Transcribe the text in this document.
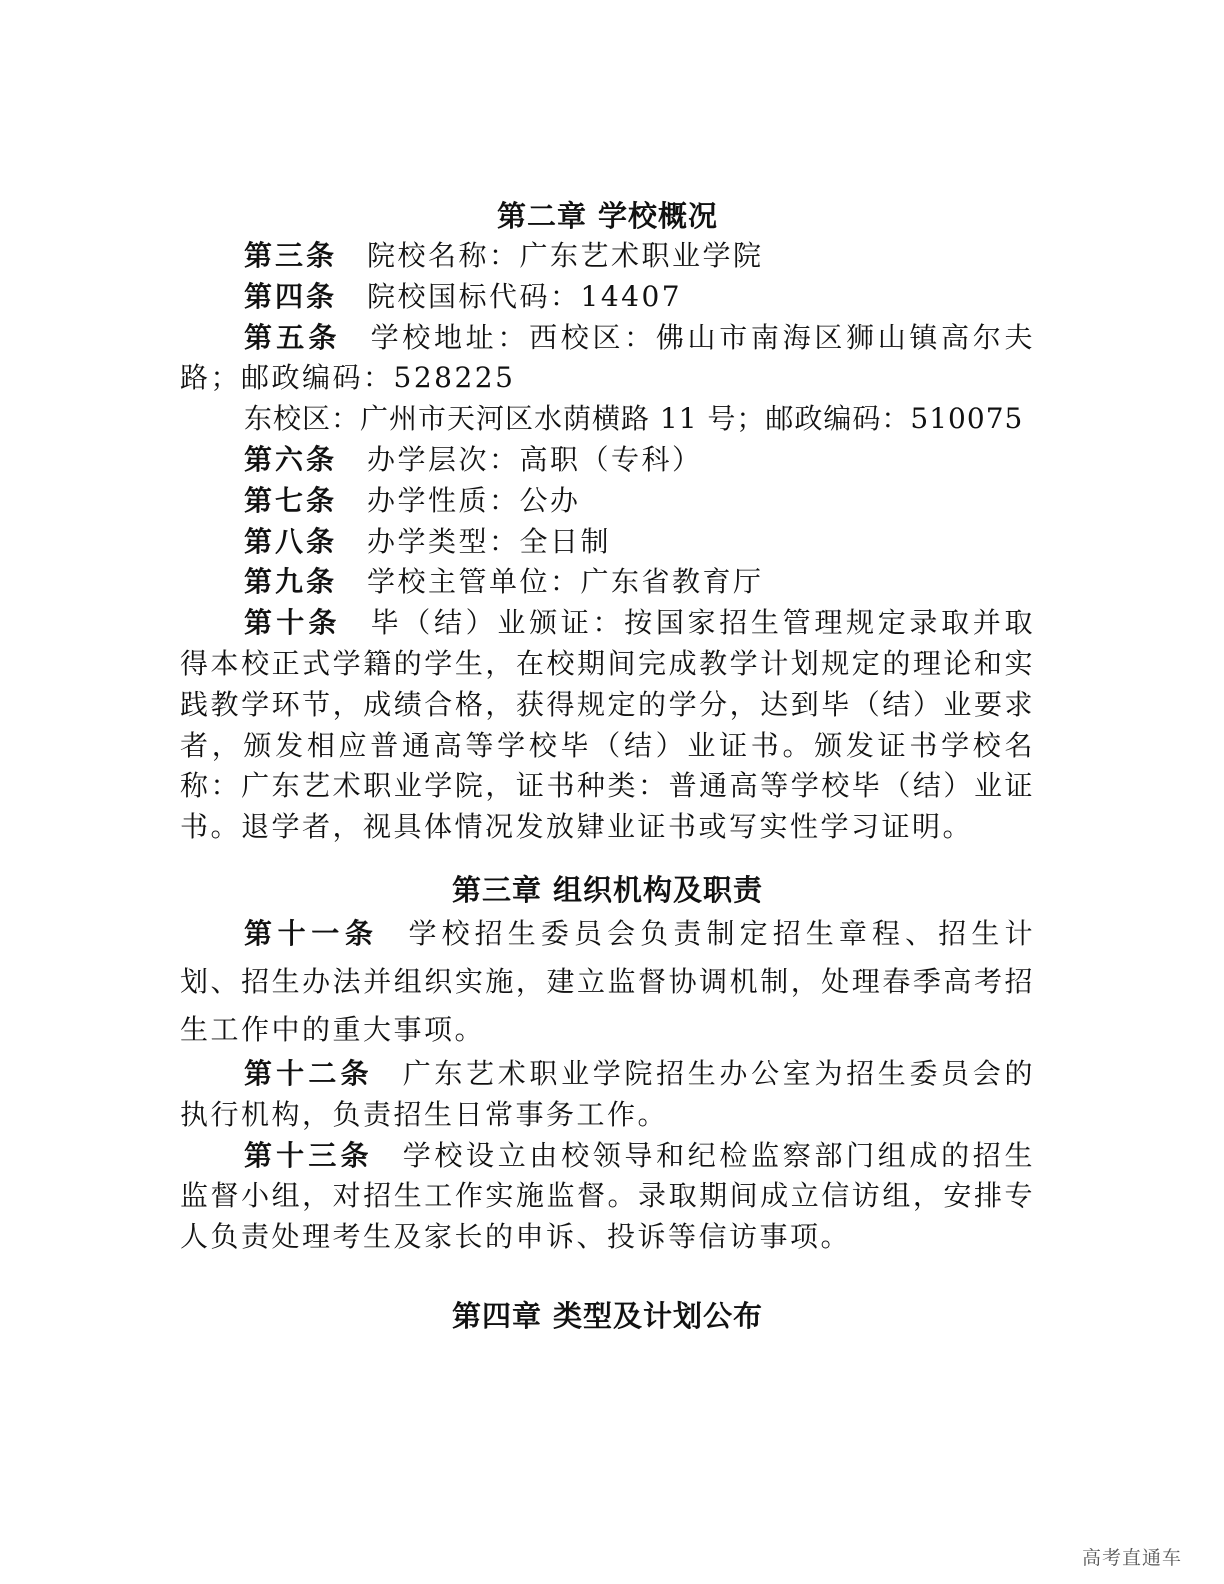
第二章 学校概况

第三条 院校名称：广东艺术职业学院

第四条 院校国标代码：14407

第五条 学校地址：西校区：佛山市南海区狮山镇高尔夫路；邮政编码：528225

东校区：广州市天河区水荫横路 11 号；邮政编码：510075

第六条 办学层次：高职（专科）

第七条 办学性质：公办

第八条 办学类型：全日制

第九条 学校主管单位：广东省教育厅

第十条 毕（结）业颁证：按国家招生管理规定录取并取得本校正式学籍的学生，在校期间完成教学计划规定的理论和实践教学环节，成绩合格，获得规定的学分，达到毕（结）业要求者，颁发相应普通高等学校毕（结）业证书。颁发证书学校名称：广东艺术职业学院，证书种类：普通高等学校毕（结）业证书。退学者，视具体情况发放肄业证书或写实性学习证明。

第三章 组织机构及职责

第十一条 学校招生委员会负责制定招生章程、招生计划、招生办法并组织实施，建立监督协调机制，处理春季高考招生工作中的重大事项。

第十二条 广东艺术职业学院招生办公室为招生委员会的执行机构，负责招生日常事务工作。

第十三条 学校设立由校领导和纪检监察部门组成的招生监督小组，对招生工作实施监督。录取期间成立信访组，安排专人负责处理考生及家长的申诉、投诉等信访事项。

第四章 类型及计划公布
高考直通车
